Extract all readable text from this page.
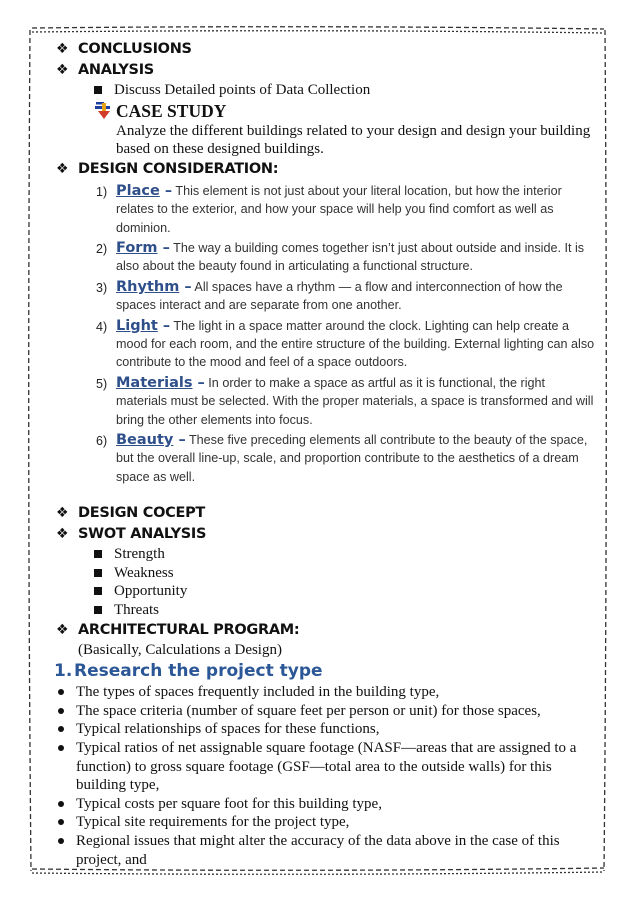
❖ CONCLUSIONS
❖ ANALYSIS
Discuss Detailed points of Data Collection
CASE STUDY
Analyze the different buildings related to your design and design your building based on these designed buildings.
❖ DESIGN CONSIDERATION:
1) Place – This element is not just about your literal location, but how the interior relates to the exterior, and how your space will help you find comfort as well as dominion.
2) Form – The way a building comes together isn’t just about outside and inside. It is also about the beauty found in articulating a functional structure.
3) Rhythm – All spaces have a rhythm — a flow and interconnection of how the spaces interact and are separate from one another.
4) Light – The light in a space matter around the clock. Lighting can help create a mood for each room, and the entire structure of the building. External lighting can also contribute to the mood and feel of a space outdoors.
5) Materials – In order to make a space as artful as it is functional, the right materials must be selected. With the proper materials, a space is transformed and will bring the other elements into focus.
6) Beauty – These five preceding elements all contribute to the beauty of the space, but the overall line-up, scale, and proportion contribute to the aesthetics of a dream space as well.
❖ DESIGN COCEPT
❖ SWOT ANALYSIS
Strength
Weakness
Opportunity
Threats
❖ ARCHITECTURAL PROGRAM:
(Basically, Calculations a Design)
1. Research the project type
The types of spaces frequently included in the building type,
The space criteria (number of square feet per person or unit) for those spaces,
Typical relationships of spaces for these functions,
Typical ratios of net assignable square footage (NASF—areas that are assigned to a function) to gross square footage (GSF—total area to the outside walls) for this building type,
Typical costs per square foot for this building type,
Typical site requirements for the project type,
Regional issues that might alter the accuracy of the data above in the case of this project, and
